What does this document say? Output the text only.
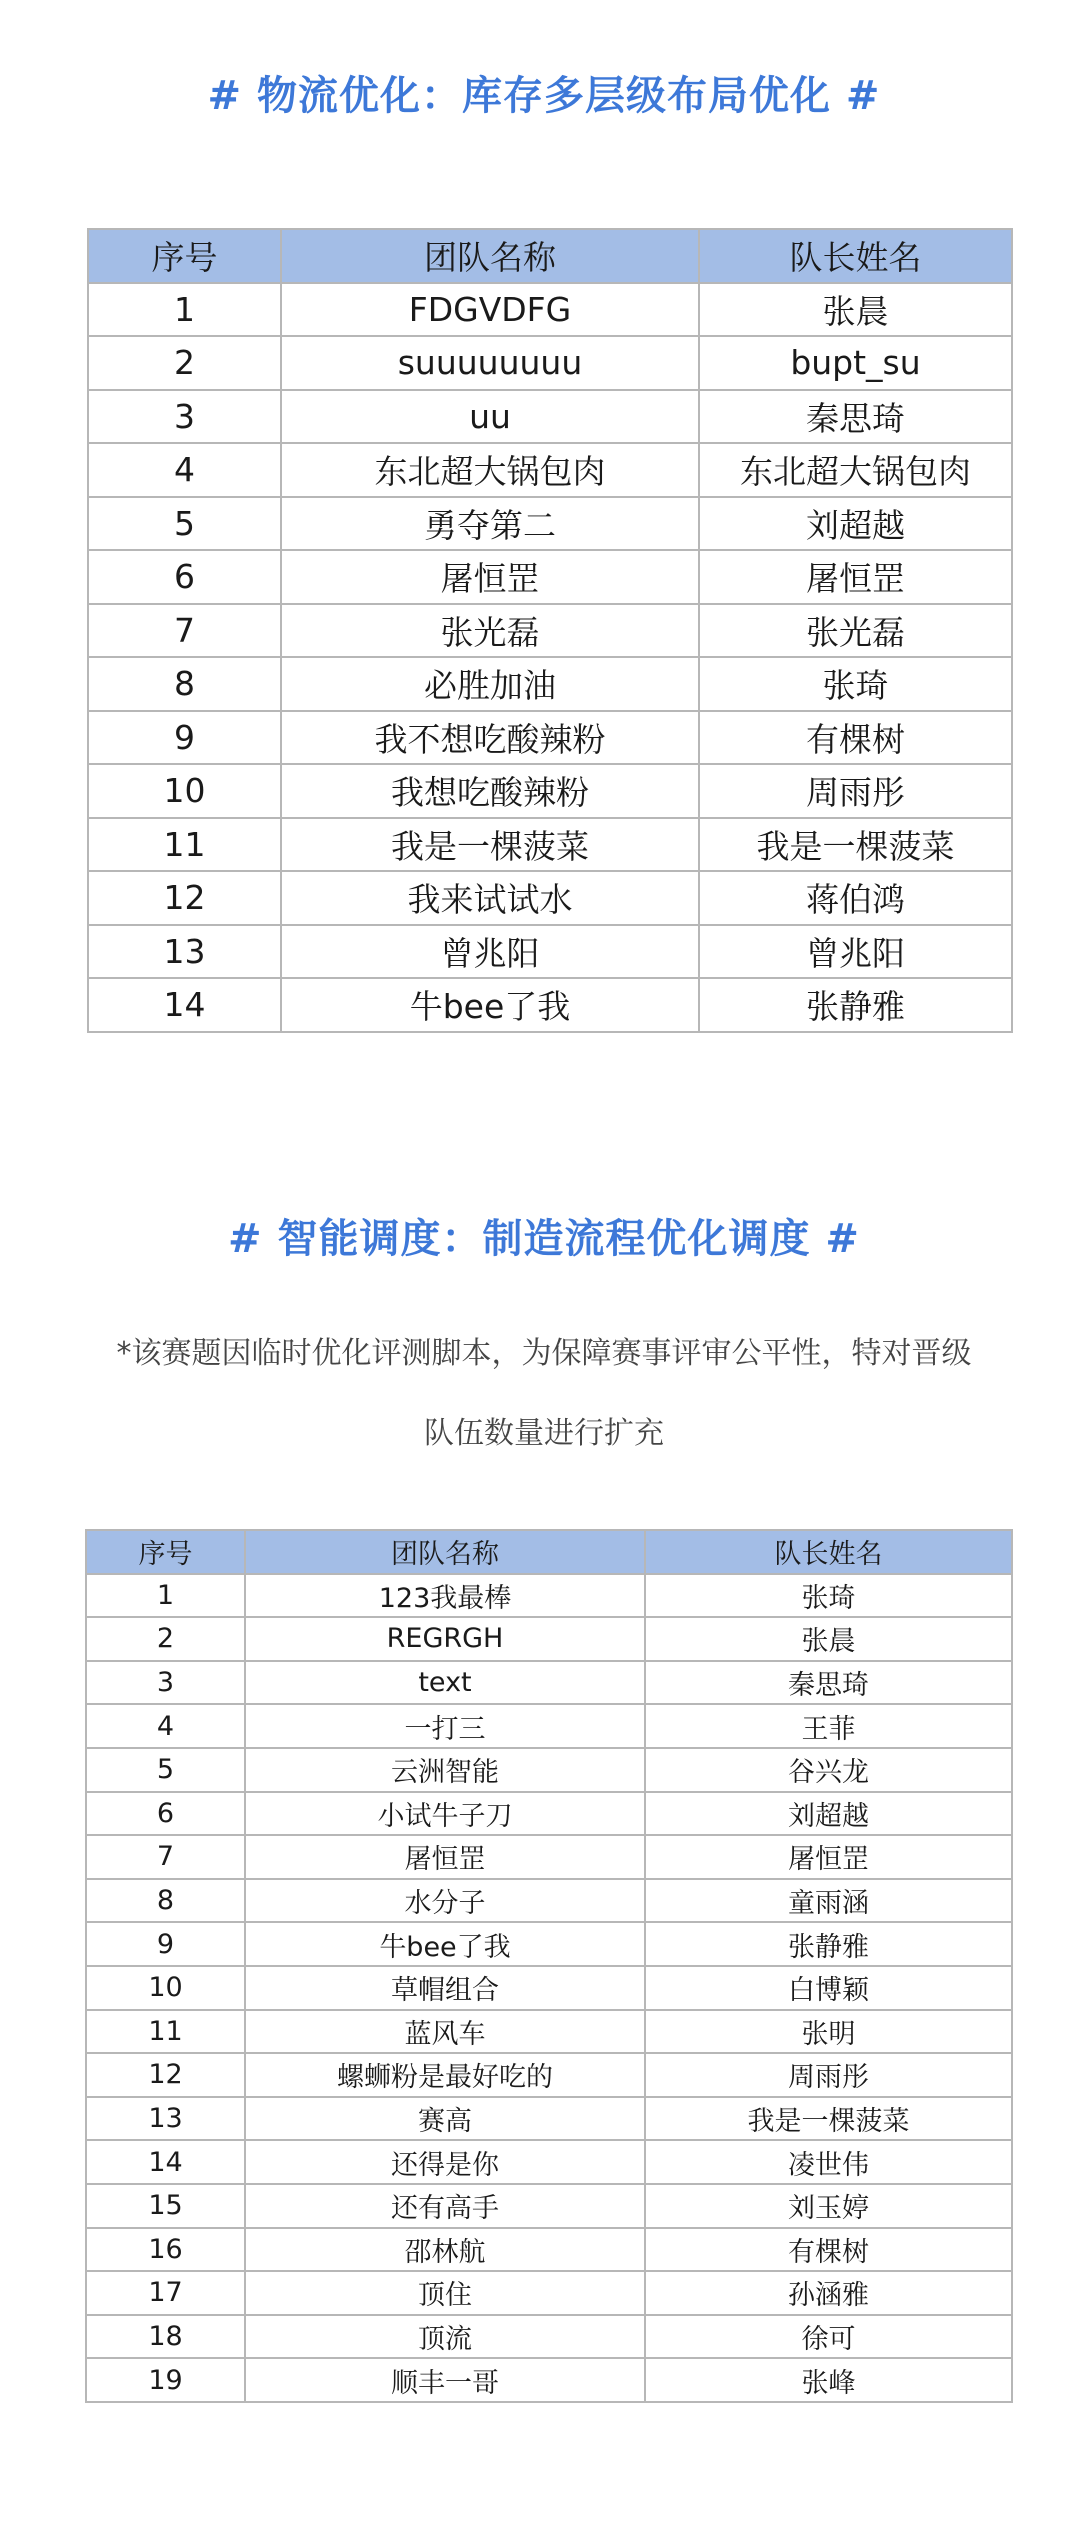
# 物流优化：库存多层级布局优化 #
序号	团队名称	队长姓名
1	FDGVDFG	张晨
2	suuuuuuuu	bupt_su
3	uu	秦思琦
4	东北超大锅包肉	东北超大锅包肉
5	勇夺第二	刘超越
6	屠恒罡	屠恒罡
7	张光磊	张光磊
8	必胜加油	张琦
9	我不想吃酸辣粉	有棵树
10	我想吃酸辣粉	周雨彤
11	我是一棵菠菜	我是一棵菠菜
12	我来试试水	蒋伯鸿
13	曾兆阳	曾兆阳
14	牛bee了我	张静雅
# 智能调度：制造流程优化调度 #
*该赛题因临时优化评测脚本，为保障赛事评审公平性，特对晋级
队伍数量进行扩充
序号	团队名称	队长姓名
1	123我最棒	张琦
2	REGRGH	张晨
3	text	秦思琦
4	一打三	王菲
5	云洲智能	谷兴龙
6	小试牛子刀	刘超越
7	屠恒罡	屠恒罡
8	水分子	童雨涵
9	牛bee了我	张静雅
10	草帽组合	白博颖
11	蓝风车	张明
12	螺蛳粉是最好吃的	周雨彤
13	赛高	我是一棵菠菜
14	还得是你	凌世伟
15	还有高手	刘玉婷
16	邵林航	有棵树
17	顶住	孙涵雅
18	顶流	徐可
19	顺丰一哥	张峰
